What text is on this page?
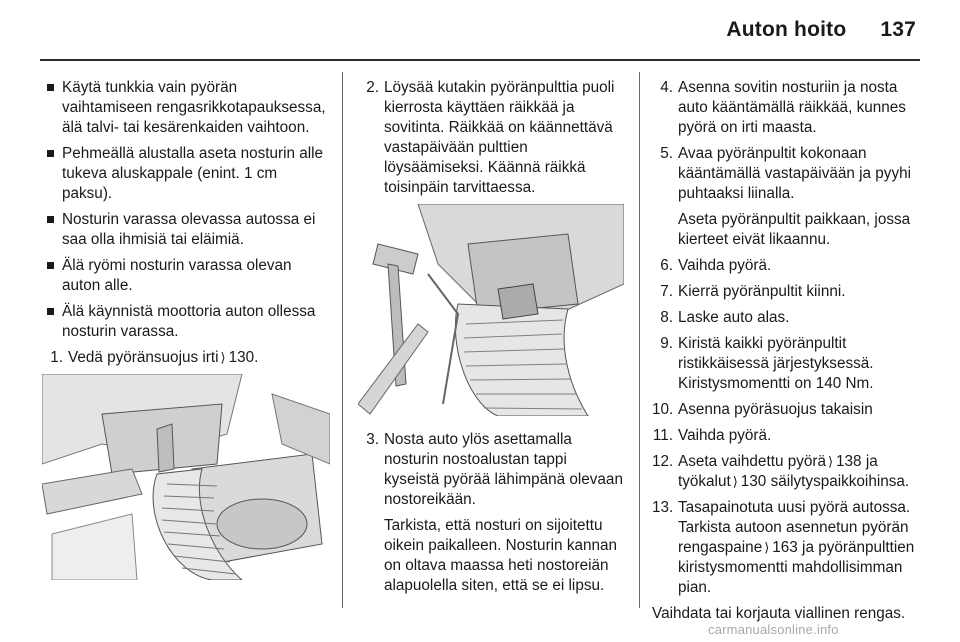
Auton hoito 137
Käytä tunkkia vain pyörän vaihtamiseen rengasrikkotapauksessa, älä talvi- tai kesärenkaiden vaihtoon.
Pehmeällä alustalla aseta nosturin alle tukeva aluskappale (enint. 1 cm paksu).
Nosturin varassa olevassa autossa ei saa olla ihmisiä tai eläimiä.
Älä ryömi nosturin varassa olevan auton alle.
Älä käynnistä moottoria auton ollessa nosturin varassa.
1. Vedä pyöränsuojus irti ⟩ 130.
2. Löysää kutakin pyöränpulttia puoli kierrosta käyttäen räikkää ja sovitinta. Räikkää on käännettävä vastapäivään pulttien löysäämiseksi. Käännä räikkä toisinpäin tarvittaessa.
3. Nosta auto ylös asettamalla nosturin nostoalustan tappi kyseistä pyörää lähimpänä olevaan nostoreikään.

Tarkista, että nosturi on sijoitettu oikein paikalleen. Nosturin kannan on oltava maassa heti nostoreiän alapuolella siten, että se ei lipsu.

4. Asenna sovitin nosturiin ja nosta auto kääntämällä räikkää, kunnes pyörä on irti maasta.
5. Avaa pyöränpultit kokonaan kääntämällä vastapäivään ja pyyhi puhtaaksi liinalla.

Aseta pyöränpultit paikkaan, jossa kierteet eivät likaannu.

6. Vaihda pyörä.
7. Kierrä pyöränpultit kiinni.
8. Laske auto alas.
9. Kiristä kaikki pyöränpultit ristikkäisessä järjestyksessä. Kiristysmomentti on 140 Nm.
10. Asenna pyöräsuojus takaisin
11. Vaihda pyörä.
12. Aseta vaihdettu pyörä ⟩ 138 ja työkalut ⟩ 130 säilytyspaikkoihinsa.
13. Tasapainotuta uusi pyörä autossa. Tarkista autoon asennetun pyörän rengaspaine ⟩ 163 ja pyöränpulttien kiristysmomentti mahdollisimman pian.

Vaihdata tai korjauta viallinen rengas.

carmanualsonline.info
